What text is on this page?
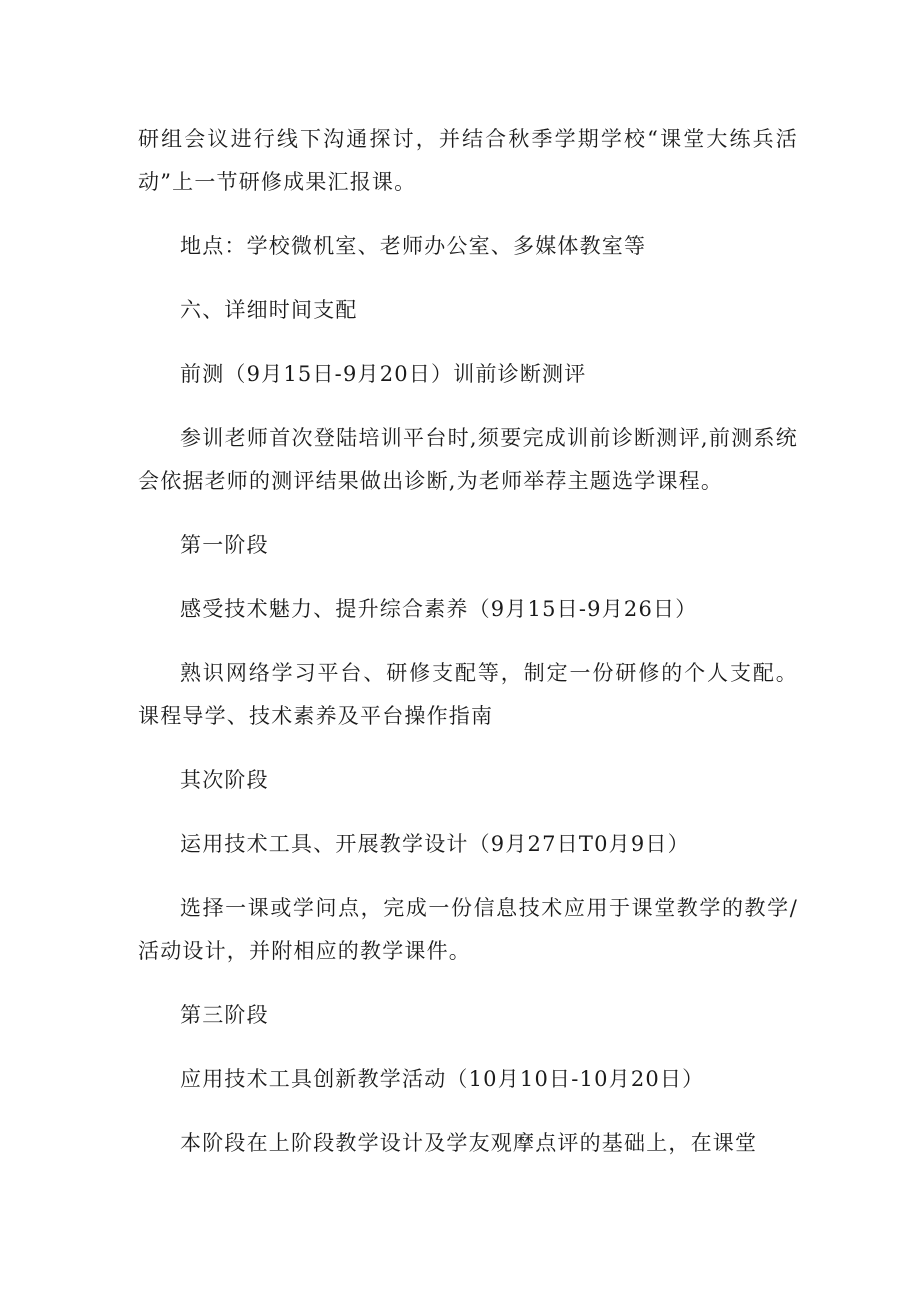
研组会议进行线下沟通探讨，并结合秋季学期学校“课堂大练兵活动”上一节研修成果汇报课。

地点：学校微机室、老师办公室、多媒体教室等

六、详细时间支配

前测（9月15日-9月20日）训前诊断测评

参训老师首次登陆培训平台时,须要完成训前诊断测评,前测系统会依据老师的测评结果做出诊断,为老师举荐主题选学课程。

第一阶段

感受技术魅力、提升综合素养（9月15日-9月26日）

熟识网络学习平台、研修支配等，制定一份研修的个人支配。课程导学、技术素养及平台操作指南

其次阶段

运用技术工具、开展教学设计（9月27日T0月9日）

选择一课或学问点，完成一份信息技术应用于课堂教学的教学/活动设计，并附相应的教学课件。

第三阶段

应用技术工具创新教学活动（10月10日-10月20日）

本阶段在上阶段教学设计及学友观摩点评的基础上，在课堂
